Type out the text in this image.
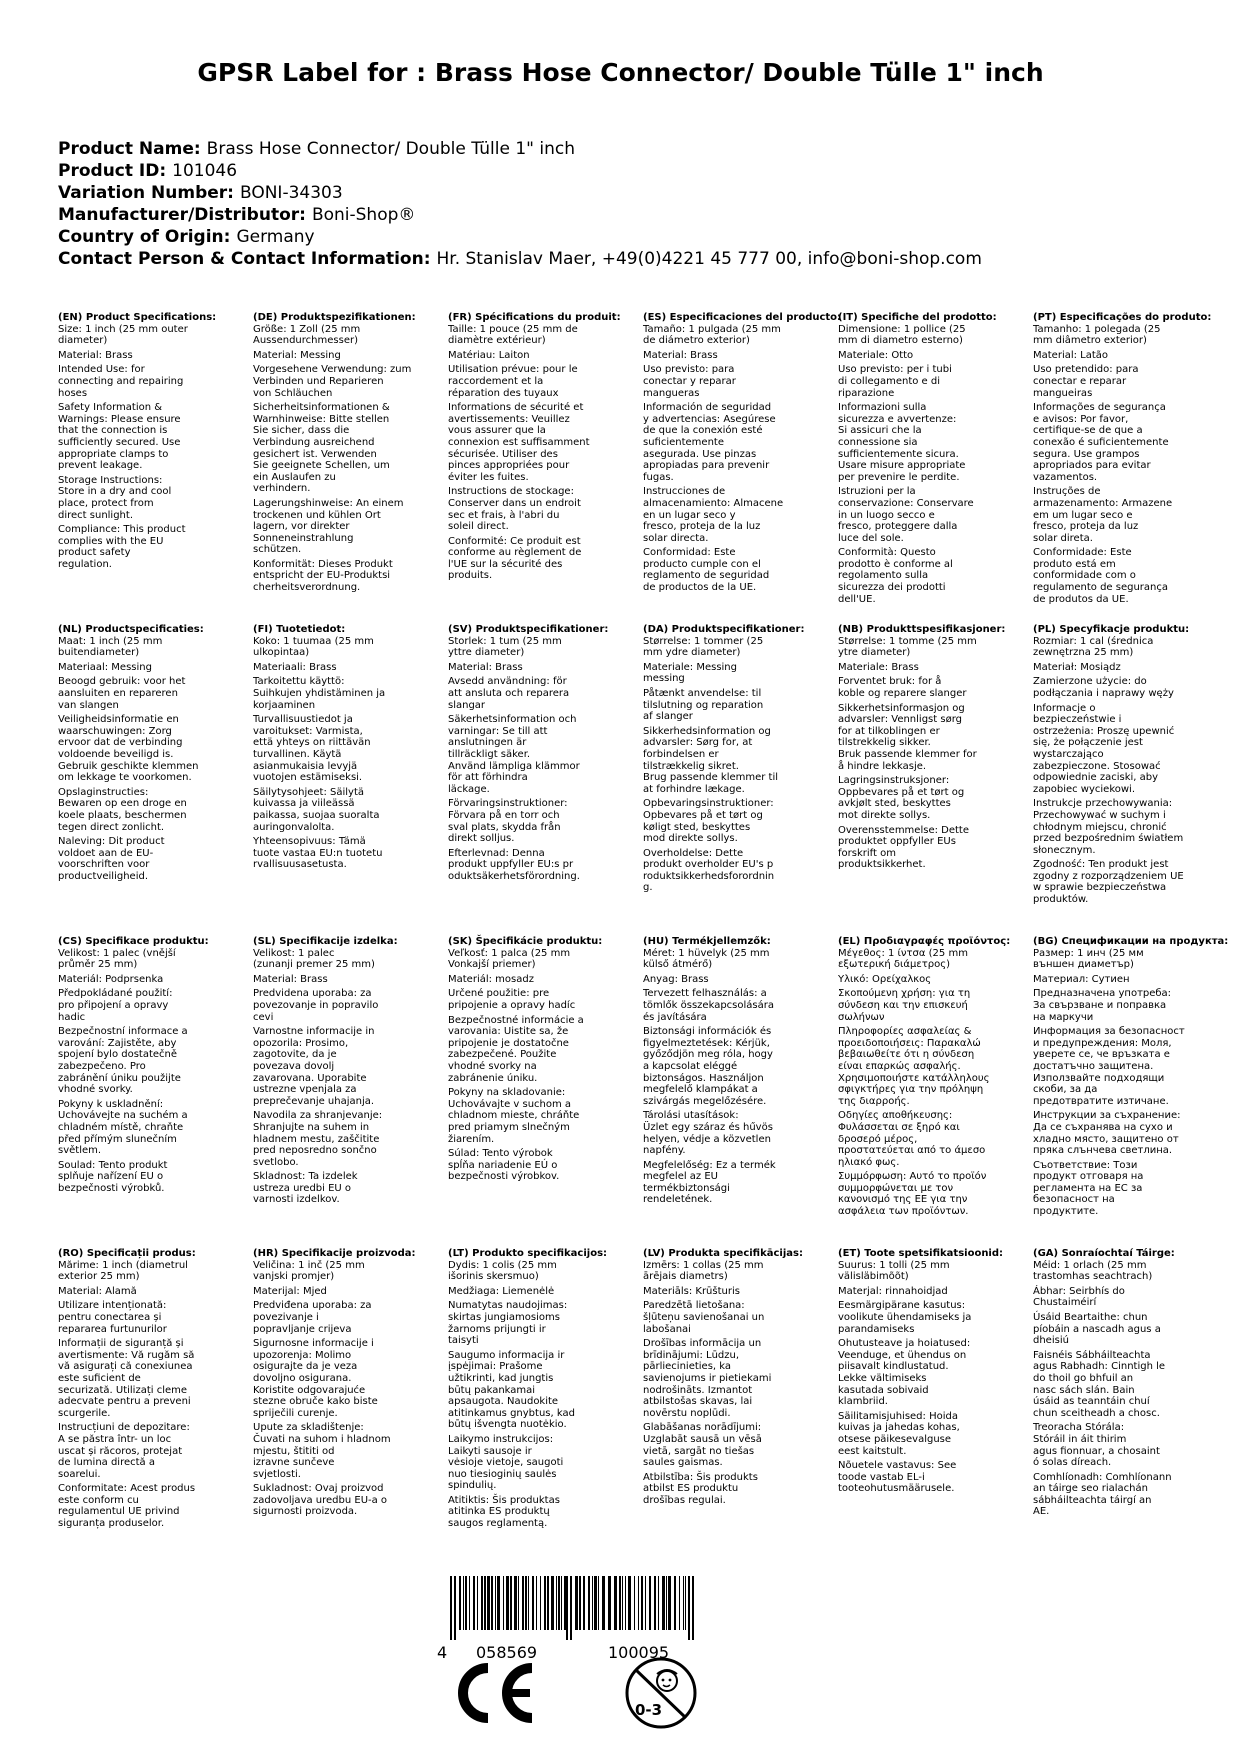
GPSR Label for : Brass Hose Connector/ Double Tülle 1" inch
Product Name: Brass Hose Connector/ Double Tülle 1" inch
Product ID: 101046
Variation Number: BONI-34303
Manufacturer/Distributor: Boni-Shop®
Country of Origin: Germany
Contact Person & Contact Information: Hr. Stanislav Maer, +49(0)4221 45 777 00, info@boni-shop.com
(EN) Product Specifications:
Size: 1 inch (25 mm outer
diameter)
Material: Brass
Intended Use: for
connecting and repairing
hoses
Safety Information &
Warnings: Please ensure
that the connection is
sufficiently secured. Use
appropriate clamps to
prevent leakage.
Storage Instructions:
Store in a dry and cool
place, protect from
direct sunlight.
Compliance: This product
complies with the EU
product safety
regulation.
(DE) Produktspezifikationen:
Größe: 1 Zoll (25 mm
Aussendurchmesser)
Material: Messing
Vorgesehene Verwendung: zum
Verbinden und Reparieren
von Schläuchen
Sicherheitsinformationen &
Warnhinweise: Bitte stellen
Sie sicher, dass die
Verbindung ausreichend
gesichert ist. Verwenden
Sie geeignete Schellen, um
ein Auslaufen zu
verhindern.
Lagerungshinweise: An einem
trockenen und kühlen Ort
lagern, vor direkter
Sonneneinstrahlung
schützen.
Konformität: Dieses Produkt
entspricht der EU-Produktsi
cherheitsverordnung.
(FR) Spécifications du produit:
Taille: 1 pouce (25 mm de
diamètre extérieur)
Matériau: Laiton
Utilisation prévue: pour le
raccordement et la
réparation des tuyaux
Informations de sécurité et
avertissements: Veuillez
vous assurer que la
connexion est suffisamment
sécurisée. Utiliser des
pinces appropriées pour
éviter les fuites.
Instructions de stockage:
Conserver dans un endroit
sec et frais, à l'abri du
soleil direct.
Conformité: Ce produit est
conforme au règlement de
l'UE sur la sécurité des
produits.
(ES) Especificaciones del producto:
Tamaño: 1 pulgada (25 mm
de diámetro exterior)
Material: Brass
Uso previsto: para
conectar y reparar
mangueras
Información de seguridad
y advertencias: Asegúrese
de que la conexión esté
suficientemente
asegurada. Use pinzas
apropiadas para prevenir
fugas.
Instrucciones de
almacenamiento: Almacene
en un lugar seco y
fresco, proteja de la luz
solar directa.
Conformidad: Este
producto cumple con el
reglamento de seguridad
de productos de la UE.
(IT) Specifiche del prodotto:
Dimensione: 1 pollice (25
mm di diametro esterno)
Materiale: Otto
Uso previsto: per i tubi
di collegamento e di
riparazione
Informazioni sulla
sicurezza e avvertenze:
Si assicuri che la
connessione sia
sufficientemente sicura.
Usare misure appropriate
per prevenire le perdite.
Istruzioni per la
conservazione: Conservare
in un luogo secco e
fresco, proteggere dalla
luce del sole.
Conformità: Questo
prodotto è conforme al
regolamento sulla
sicurezza dei prodotti
dell'UE.
(PT) Especificações do produto:
Tamanho: 1 polegada (25
mm diâmetro exterior)
Material: Latão
Uso pretendido: para
conectar e reparar
mangueiras
Informações de segurança
e avisos: Por favor,
certifique-se de que a
conexão é suficientemente
segura. Use grampos
apropriados para evitar
vazamentos.
Instruções de
armazenamento: Armazene
em um lugar seco e
fresco, proteja da luz
solar direta.
Conformidade: Este
produto está em
conformidade com o
regulamento de segurança
de produtos da UE.
(NL) Productspecificaties:
Maat: 1 inch (25 mm
buitendiameter)
Materiaal: Messing
Beoogd gebruik: voor het
aansluiten en repareren
van slangen
Veiligheidsinformatie en
waarschuwingen: Zorg
ervoor dat de verbinding
voldoende beveiligd is.
Gebruik geschikte klemmen
om lekkage te voorkomen.
Opslaginstructies:
Bewaren op een droge en
koele plaats, beschermen
tegen direct zonlicht.
Naleving: Dit product
voldoet aan de EU-
voorschriften voor
productveiligheid.
(FI) Tuotetiedot:
Koko: 1 tuumaa (25 mm
ulkopintaa)
Materiaali: Brass
Tarkoitettu käyttö:
Suihkujen yhdistäminen ja
korjaaminen
Turvallisuustiedot ja
varoitukset: Varmista,
että yhteys on riittävän
turvallinen. Käytä
asianmukaisia levyjä
vuotojen estämiseksi.
Säilytysohjeet: Säilytä
kuivassa ja viileässä
paikassa, suojaa suoralta
auringonvalolta.
Yhteensopivuus: Tämä
tuote vastaa EU:n tuotetu
rvallisuusasetusta.
(SV) Produktspecifikationer:
Storlek: 1 tum (25 mm
yttre diameter)
Material: Brass
Avsedd användning: för
att ansluta och reparera
slangar
Säkerhetsinformation och
varningar: Se till att
anslutningen är
tillräckligt säker.
Använd lämpliga klämmor
för att förhindra
läckage.
Förvaringsinstruktioner:
Förvara på en torr och
sval plats, skydda från
direkt solljus.
Efterlevnad: Denna
produkt uppfyller EU:s pr
oduktsäkerhetsförordning.
(DA) Produktspecifikationer:
Størrelse: 1 tommer (25
mm ydre diameter)
Materiale: Messing
messing
Påtænkt anvendelse: til
tilslutning og reparation
af slanger
Sikkerhedsinformation og
advarsler: Sørg for, at
forbindelsen er
tilstrækkelig sikret.
Brug passende klemmer til
at forhindre lækage.
Opbevaringsinstruktioner:
Opbevares på et tørt og
køligt sted, beskyttes
mod direkte sollys.
Overholdelse: Dette
produkt overholder EU's p
roduktsikkerhedsforordnin
g.
(NB) Produkttspesifikasjoner:
Størrelse: 1 tomme (25 mm
ytre diameter)
Materiale: Brass
Forventet bruk: for å
koble og reparere slanger
Sikkerhetsinformasjon og
advarsler: Vennligst sørg
for at tilkoblingen er
tilstrekkelig sikker.
Bruk passende klemmer for
å hindre lekkasje.
Lagringsinstruksjoner:
Oppbevares på et tørt og
avkjølt sted, beskyttes
mot direkte sollys.
Overensstemmelse: Dette
produktet oppfyller EUs
forskrift om
produktsikkerhet.
(PL) Specyfikacje produktu:
Rozmiar: 1 cal (średnica
zewnętrzna 25 mm)
Materiał: Mosiądz
Zamierzone użycie: do
podłączania i naprawy węży
Informacje o
bezpieczeństwie i
ostrzeżenia: Proszę upewnić
się, że połączenie jest
wystarczająco
zabezpieczone. Stosować
odpowiednie zaciski, aby
zapobiec wyciekowi.
Instrukcje przechowywania:
Przechowywać w suchym i
chłodnym miejscu, chronić
przed bezpośrednim światłem
słonecznym.
Zgodność: Ten produkt jest
zgodny z rozporządzeniem UE
w sprawie bezpieczeństwa
produktów.
(CS) Specifikace produktu:
Velikost: 1 palec (vnější
průměr 25 mm)
Materiál: Podprsenka
Předpokládané použití:
pro připojení a opravy
hadic
Bezpečnostní informace a
varování: Zajistěte, aby
spojení bylo dostatečně
zabezpečeno. Pro
zabránění úniku použijte
vhodné svorky.
Pokyny k uskladnění:
Uchovávejte na suchém a
chladném místě, chraňte
před přímým slunečním
světlem.
Soulad: Tento produkt
splňuje nařízení EU o
bezpečnosti výrobků.
(SL) Specifikacije izdelka:
Velikost: 1 palec
(zunanji premer 25 mm)
Material: Brass
Predvidena uporaba: za
povezovanje in popravilo
cevi
Varnostne informacije in
opozorila: Prosimo,
zagotovite, da je
povezava dovolj
zavarovana. Uporabite
ustrezne vpenjala za
preprečevanje uhajanja.
Navodila za shranjevanje:
Shranjujte na suhem in
hladnem mestu, zaščitite
pred neposredno sončno
svetlobo.
Skladnost: Ta izdelek
ustreza uredbi EU o
varnosti izdelkov.
(SK) Špecifikácie produktu:
Veľkosť: 1 palca (25 mm
Vonkajší priemer)
Materiál: mosadz
Určené použitie: pre
pripojenie a opravy hadíc
Bezpečnostné informácie a
varovania: Uistite sa, že
pripojenie je dostatočne
zabezpečené. Použite
vhodné svorky na
zabránenie úniku.
Pokyny na skladovanie:
Uchovávajte v suchom a
chladnom mieste, chráňte
pred priamym slnečným
žiarením.
Súlad: Tento výrobok
spĺňa nariadenie EÚ o
bezpečnosti výrobkov.
(HU) Termékjellemzők:
Méret: 1 hüvelyk (25 mm
külső átmérő)
Anyag: Brass
Tervezett felhasználás: a
tömlők összekapcsolására
és javítására
Biztonsági információk és
figyelmeztetések: Kérjük,
győződjön meg róla, hogy
a kapcsolat eléggé
biztonságos. Használjon
megfelelő klampákat a
szivárgás megelőzésére.
Tárolási utasítások:
Üzlet egy száraz és hűvös
helyen, védje a közvetlen
napfény.
Megfelelőség: Ez a termék
megfelel az EU
termékbiztonsági
rendeletének.
(EL) Προδιαγραφές προϊόντος:
Μέγεθος: 1 ίντσα (25 mm
εξωτερική διάμετρος)
Υλικό: Ορείχαλκος
Σκοπούμενη χρήση: για τη
σύνδεση και την επισκευή
σωλήνων
Πληροφορίες ασφαλείας &
προειδοποιήσεις: Παρακαλώ
βεβαιωθείτε ότι η σύνδεση
είναι επαρκώς ασφαλής.
Χρησιμοποιήστε κατάλληλους
σφιγκτήρες για την πρόληψη
της διαρροής.
Οδηγίες αποθήκευσης:
Φυλάσσεται σε ξηρό και
δροσερό μέρος,
προστατεύεται από το άμεσο
ηλιακό φως.
Συμμόρφωση: Αυτό το προϊόν
συμμορφώνεται με τον
κανονισμό της ΕΕ για την
ασφάλεια των προϊόντων.
(BG) Спецификации на продукта:
Размер: 1 инч (25 мм
външен диаметър)
Материал: Сутиен
Предназначена употреба:
За свързване и поправка
на маркучи
Информация за безопасност
и предупреждения: Моля,
уверете се, че връзката е
достатъчно защитена.
Използвайте подходящи
скоби, за да
предотвратите изтичане.
Инструкции за съхранение:
Да се съхранява на сухо и
хладно място, защитено от
пряка слънчева светлина.
Съответствие: Този
продукт отговаря на
регламента на ЕС за
безопасност на
продуктите.
(RO) Specificații produs:
Mărime: 1 inch (diametrul
exterior 25 mm)
Material: Alamă
Utilizare intenționată:
pentru conectarea și
repararea furtunurilor
Informații de siguranță și
avertismente: Vă rugăm să
vă asigurați că conexiunea
este suficient de
securizată. Utilizați cleme
adecvate pentru a preveni
scurgerile.
Instrucțiuni de depozitare:
A se păstra într- un loc
uscat și răcoros, protejat
de lumina directă a
soarelui.
Conformitate: Acest produs
este conform cu
regulamentul UE privind
siguranța produselor.
(HR) Specifikacije proizvoda:
Veličina: 1 inč (25 mm
vanjski promjer)
Materijal: Mjed
Predviđena uporaba: za
povezivanje i
popravljanje crijeva
Sigurnosne informacije i
upozorenja: Molimo
osigurajte da je veza
dovoljno osigurana.
Koristite odgovarajuće
stezne obruče kako biste
spriječili curenje.
Upute za skladištenje:
Čuvati na suhom i hladnom
mjestu, štititi od
izravne sunčeve
svjetlosti.
Sukladnost: Ovaj proizvod
zadovoljava uredbu EU-a o
sigurnosti proizvoda.
(LT) Produkto specifikacijos:
Dydis: 1 colis (25 mm
išorinis skersmuo)
Medžiaga: Liemenėlė
Numatytas naudojimas:
skirtas jungiamosioms
žarnoms prijungti ir
taisyti
Saugumo informacija ir
įspėjimai: Prašome
užtikrinti, kad jungtis
būtų pakankamai
apsaugota. Naudokite
atitinkamus gnybtus, kad
būtų išvengta nuotėkio.
Laikymo instrukcijos:
Laikyti sausoje ir
vėsioje vietoje, saugoti
nuo tiesioginių saulės
spindulių.
Atitiktis: Šis produktas
atitinka ES produktų
saugos reglamentą.
(LV) Produkta specifikācijas:
Izmērs: 1 collas (25 mm
ārējais diametrs)
Materiāls: Krūšturis
Paredzētā lietošana:
šļūteņu savienošanai un
labošanai
Drošības informācija un
brīdinājumi: Lūdzu,
pārliecinieties, ka
savienojums ir pietiekami
nodrošināts. Izmantot
atbilstošas skavas, lai
novērstu noplūdi.
Glabāšanas norādījumi:
Uzglabāt sausā un vēsā
vietā, sargāt no tiešas
saules gaismas.
Atbilstība: Šis produkts
atbilst ES produktu
drošības regulai.
(ET) Toote spetsifikatsioonid:
Suurus: 1 tolli (25 mm
välisläbimõõt)
Materjal: rinnahoidjad
Eesmärgipärane kasutus:
voolikute ühendamiseks ja
parandamiseks
Ohutusteave ja hoiatused:
Veenduge, et ühendus on
piisavalt kindlustatud.
Lekke vältimiseks
kasutada sobivaid
klambriid.
Säilitamisjuhised: Hoida
kuivas ja jahedas kohas,
otsese päikesevalguse
eest kaitstult.
Nõuetele vastavus: See
toode vastab EL-i
tooteohutusmäärusele.
(GA) Sonraíochtaí Táirge:
Méid: 1 orlach (25 mm
trastomhas seachtrach)
Ábhar: Seirbhís do
Chustaiméirí
Úsáid Beartaithe: chun
píobáin a nascadh agus a
dheisiú
Faisnéis Sábháilteachta
agus Rabhadh: Cinntigh le
do thoil go bhfuil an
nasc sách slán. Bain
úsáid as teanntáin chuí
chun sceitheadh a chosc.
Treoracha Stórála:
Stóráil in áit thirim
agus fionnuar, a chosaint
ó solas díreach.
Comhlíonadh: Comhlíonann
an táirge seo rialachán
sábháilteachta táirgí an
AE.
4 058569	100095
0-3
